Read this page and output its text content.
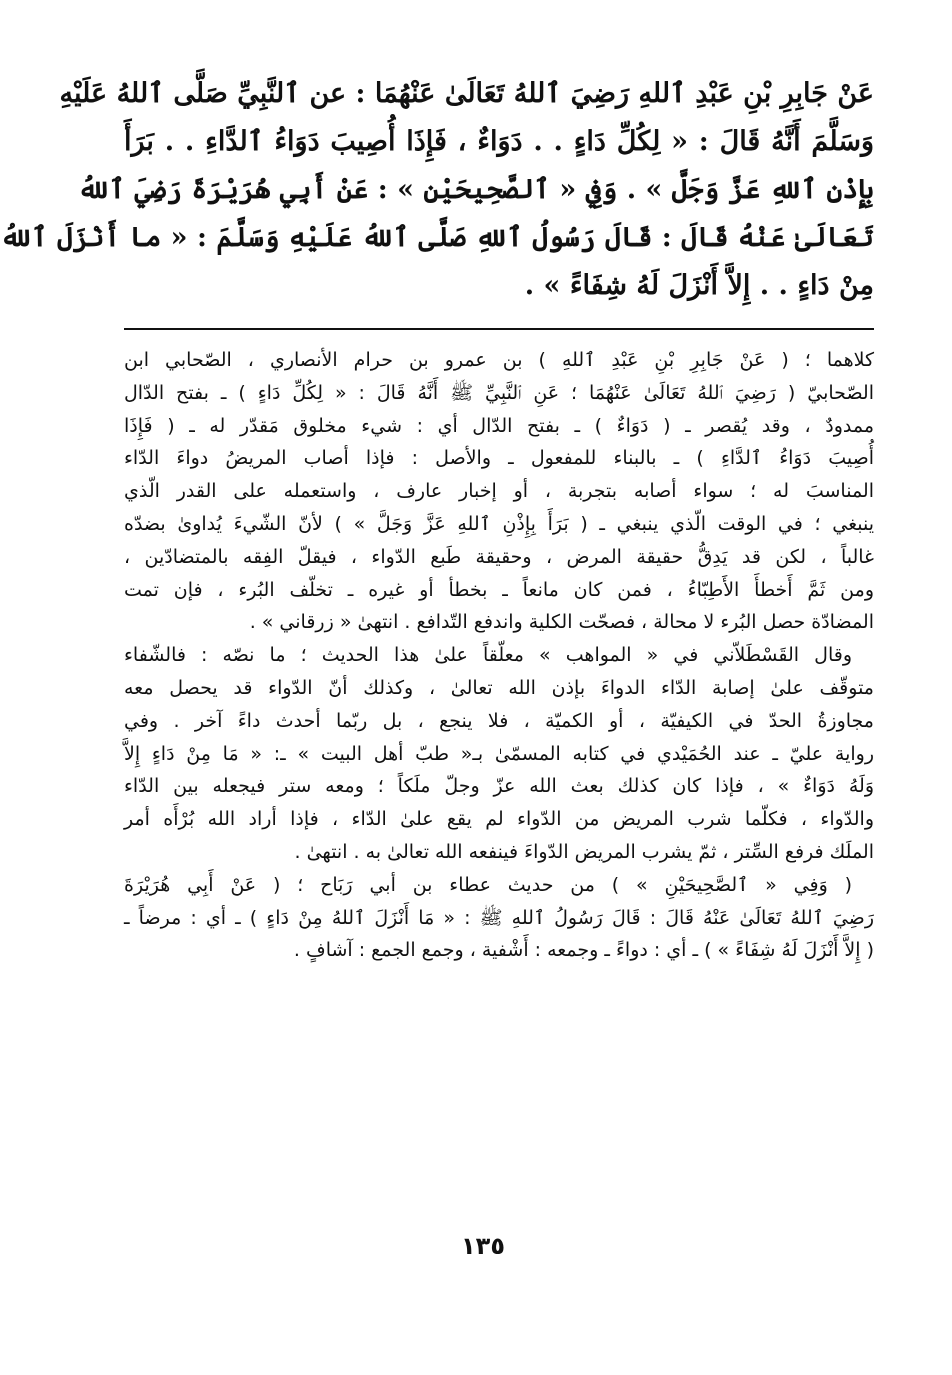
عَنْ جَابِرِ بْنِ عَبْدِ ٱللهِ رَضِيَ ٱللهُ تَعَالَىٰ عَنْهُمَا : عن ٱلنَّبِيِّ صَلَّى ٱللهُ عَلَيْهِ
وَسَلَّمَ أَنَّهُ قَالَ : « لِكُلِّ دَاءٍ . . دَوَاءٌ ، فَإِذَا أُصِيبَ دَوَاءُ ٱلدَّاءِ . . بَرَأَ
بِإِذْنِ ٱللهِ عَزَّ وَجَلَّ » . وَفِي « ٱلصَّحِيحَيْنِ » : عَنْ أَبِي هُرَيْرَةَ رَضِيَ ٱللهُ
تَعَالَىٰ عَنْهُ قَالَ : قَالَ رَسُولُ ٱللهِ صَلَّى ٱللهُ عَلَيْهِ وَسَلَّمَ : « ما أَنْزَلَ ٱللهُ
مِنْ دَاءٍ . . إِلاَّ أَنْزَلَ لَهُ شِفَاءً » .
كلاهما ؛ ( عَنْ جَابِرِ بْنِ عَبْدِ ٱللهِ ) بن عمرو بن حرام الأنصاري ، الصّحابي ابن
الصّحابيّ ( رَضِيَ ٱللهُ تَعَالَىٰ عَنْهُمَا ؛ عَنِ ٱلنَّبِيِّ ﷺ أَنَّهُ قَالَ : « لِكُلِّ دَاءٍ ) ـ بفتح الدّال
ممدودٌ ، وقد يُقصر ـ ( دَوَاءٌ ) ـ بفتح الدّال أي : شيء مخلوق مَقدّر له ـ ( فَإِذَا
أُصِيبَ دَوَاءُ ٱلدَّاءِ ) ـ بالبناء للمفعول ـ والأصل : فإذا أصاب المريضُ دواءَ الدّاء
المناسبَ له ؛ سواء أصابه بتجربة ، أو إخبار عارف ، واستعمله على القدر الّذي
ينبغي ؛ في الوقت الّذي ينبغي ـ ( بَرَأَ بِإِذْنِ ٱللهِ عَزَّ وَجَلَّ » ) لأنّ الشّيءَ يُداوىٰ بضدّه
غالباً ، لكن قد يَدِقُّ حقيقة المرض ، وحقيقة طَبع الدّواء ، فيقلّ الفِقه بالمتضادّين ،
ومن ثَمَّ أَخطأَ الأَطِبّاءُ ، فمن كان مانعاً ـ بخطأ أو غيره ـ تخلّف البُرء ، فإن تمت
المضادّة حصل البُرء لا محالة ، فصحّت الكلية واندفع التّدافع . انتهىٰ « زرقاني » .
وقال القَسْطَلاّني في « المواهب » معلّقاً علىٰ هذا الحديث ؛ ما نصّه : فالشّفاء
متوقّف علىٰ إصابة الدّاء الدواءَ بإذن الله تعالىٰ ، وكذلك أنّ الدّواء قد يحصل معه
مجاوزةُ الحدّ في الكيفيّة ، أو الكميّة ، فلا ينجع ، بل ربّما أحدث داءً آخر . وفي
رواية عليّ ـ عند الحُمَيْدي في كتابه المسمّىٰ بـ« طبّ أهل البيت » ـ: « مَا مِنْ دَاءٍ إِلاَّ
وَلَهُ دَوَاءٌ » ، فإذا كان كذلك بعث الله عزّ وجلّ ملَكاً ؛ ومعه ستر فيجعله بين الدّاء
والدّواء ، فكلّما شرب المريض من الدّواء لم يقع علىٰ الدّاء ، فإذا أراد الله بُرْأَه أمر
الملَك فرفع السِّتر ، ثمّ يشرب المريض الدّواءَ فينفعه الله تعالىٰ به . انتهىٰ .
( وَفِي « ٱلصَّحِيحَيْنِ » ) من حديث عطاء بن أبي رَبَاح ؛ ( عَنْ أَبِي هُرَيْرَةَ
رَضِيَ ٱللهُ تَعَالَىٰ عَنْهُ قَالَ : قَالَ رَسُولُ ٱللهِ ﷺ : « مَا أَنْزَلَ ٱللهُ مِنْ دَاءٍ ) ـ أي : مرضاً ـ
( إِلاَّ أَنْزَلَ لَهُ شِفَاءً » ) ـ أي : دواءً ـ وجمعه : أَشْفية ، وجمع الجمع : آشافٍ .
١٣٥
